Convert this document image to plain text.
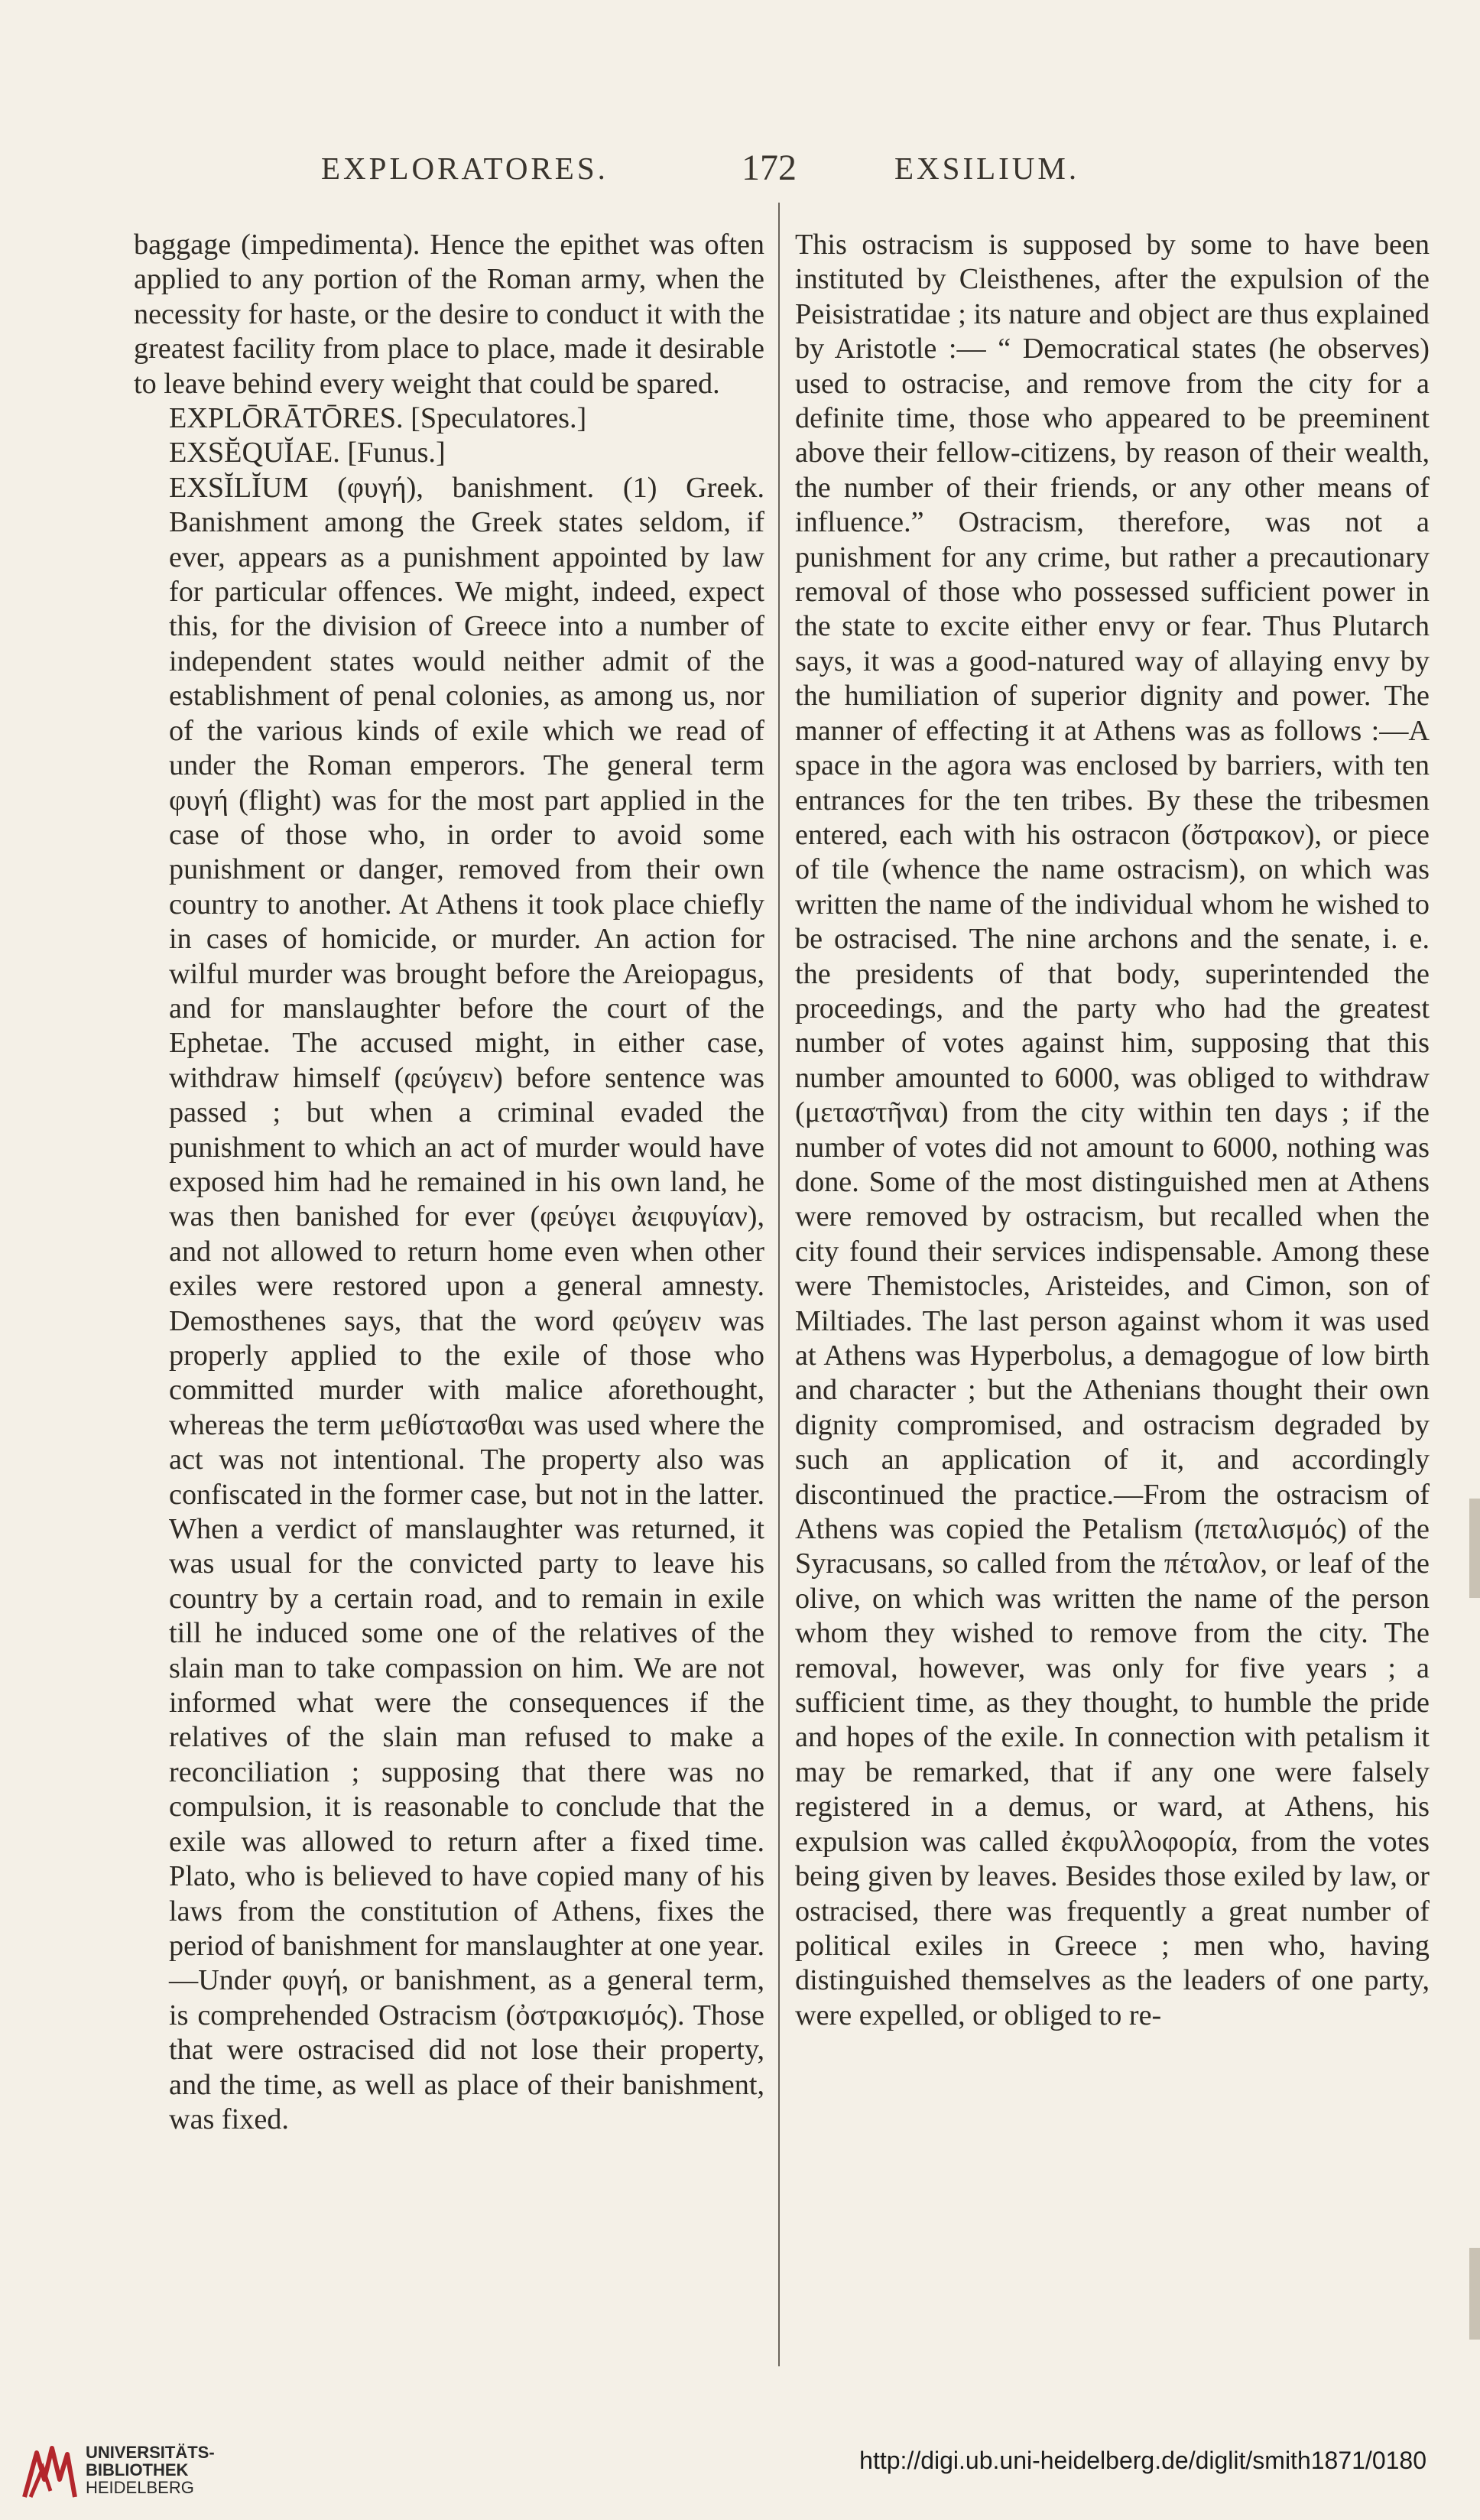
EXPLORATORES.	172	EXSILIUM.

baggage (impedimenta). Hence the epithet was often applied to any portion of the Roman army, when the necessity for haste, or the desire to conduct it with the greatest facility from place to place, made it desirable to leave behind every weight that could be spared.

EXPLŌRĀTŌRES. [Speculatores.]

EXSĔQUĬAE. [Funus.]

EXSĬLĬUM (φυγή), banishment. (1) Greek. Banishment among the Greek states seldom, if ever, appears as a punishment appointed by law for particular offences. We might, indeed, expect this, for the division of Greece into a number of independent states would neither admit of the establishment of penal colonies, as among us, nor of the various kinds of exile which we read of under the Roman emperors. The general term φυγή (flight) was for the most part applied in the case of those who, in order to avoid some punishment or danger, removed from their own country to another. At Athens it took place chiefly in cases of homicide, or murder. An action for wilful murder was brought before the Areiopagus, and for manslaughter before the court of the Ephetae. The accused might, in either case, withdraw himself (φεύγειν) before sentence was passed ; but when a criminal evaded the punishment to which an act of murder would have exposed him had he remained in his own land, he was then banished for ever (φεύγει ἀειφυγίαν), and not allowed to return home even when other exiles were restored upon a general amnesty. Demosthenes says, that the word φεύγειν was properly applied to the exile of those who committed murder with malice aforethought, whereas the term μεθίστασθαι was used where the act was not intentional. The property also was confiscated in the former case, but not in the latter. When a verdict of manslaughter was returned, it was usual for the convicted party to leave his country by a certain road, and to remain in exile till he induced some one of the relatives of the slain man to take compassion on him. We are not informed what were the consequences if the relatives of the slain man refused to make a reconciliation ; supposing that there was no compulsion, it is reasonable to conclude that the exile was allowed to return after a fixed time. Plato, who is believed to have copied many of his laws from the constitution of Athens, fixes the period of banishment for manslaughter at one year.—Under φυγή, or banishment, as a general term, is comprehended Ostracism (ὀστρακισμός). Those that were ostracised did not lose their property, and the time, as well as place of their banishment, was fixed.

This ostracism is supposed by some to have been instituted by Cleisthenes, after the expulsion of the Peisistratidae ; its nature and object are thus explained by Aristotle :— “ Democratical states (he observes) used to ostracise, and remove from the city for a definite time, those who appeared to be preeminent above their fellow-citizens, by reason of their wealth, the number of their friends, or any other means of influence.” Ostracism, therefore, was not a punishment for any crime, but rather a precautionary removal of those who possessed sufficient power in the state to excite either envy or fear. Thus Plutarch says, it was a good-natured way of allaying envy by the humiliation of superior dignity and power. The manner of effecting it at Athens was as follows :—A space in the agora was enclosed by barriers, with ten entrances for the ten tribes. By these the tribesmen entered, each with his ostracon (ὄστρακον), or piece of tile (whence the name ostracism), on which was written the name of the individual whom he wished to be ostracised. The nine archons and the senate, i. e. the presidents of that body, superintended the proceedings, and the party who had the greatest number of votes against him, supposing that this number amounted to 6000, was obliged to withdraw (μεταστῆναι) from the city within ten days ; if the number of votes did not amount to 6000, nothing was done. Some of the most distinguished men at Athens were removed by ostracism, but recalled when the city found their services indispensable. Among these were Themistocles, Aristeides, and Cimon, son of Miltiades. The last person against whom it was used at Athens was Hyperbolus, a demagogue of low birth and character ; but the Athenians thought their own dignity compromised, and ostracism degraded by such an application of it, and accordingly discontinued the practice.—From the ostracism of Athens was copied the Petalism (πεταλισμός) of the Syracusans, so called from the πέταλον, or leaf of the olive, on which was written the name of the person whom they wished to remove from the city. The removal, however, was only for five years ; a sufficient time, as they thought, to humble the pride and hopes of the exile. In connection with petalism it may be remarked, that if any one were falsely registered in a demus, or ward, at Athens, his expulsion was called ἐκφυλλοφορία, from the votes being given by leaves. Besides those exiled by law, or ostracised, there was frequently a great number of political exiles in Greece ; men who, having distinguished themselves as the leaders of one party, were expelled, or obliged to re-

UNIVERSITÄTS-
BIBLIOTHEK
HEIDELBERG
http://digi.ub.uni-heidelberg.de/diglit/smith1871/0180
